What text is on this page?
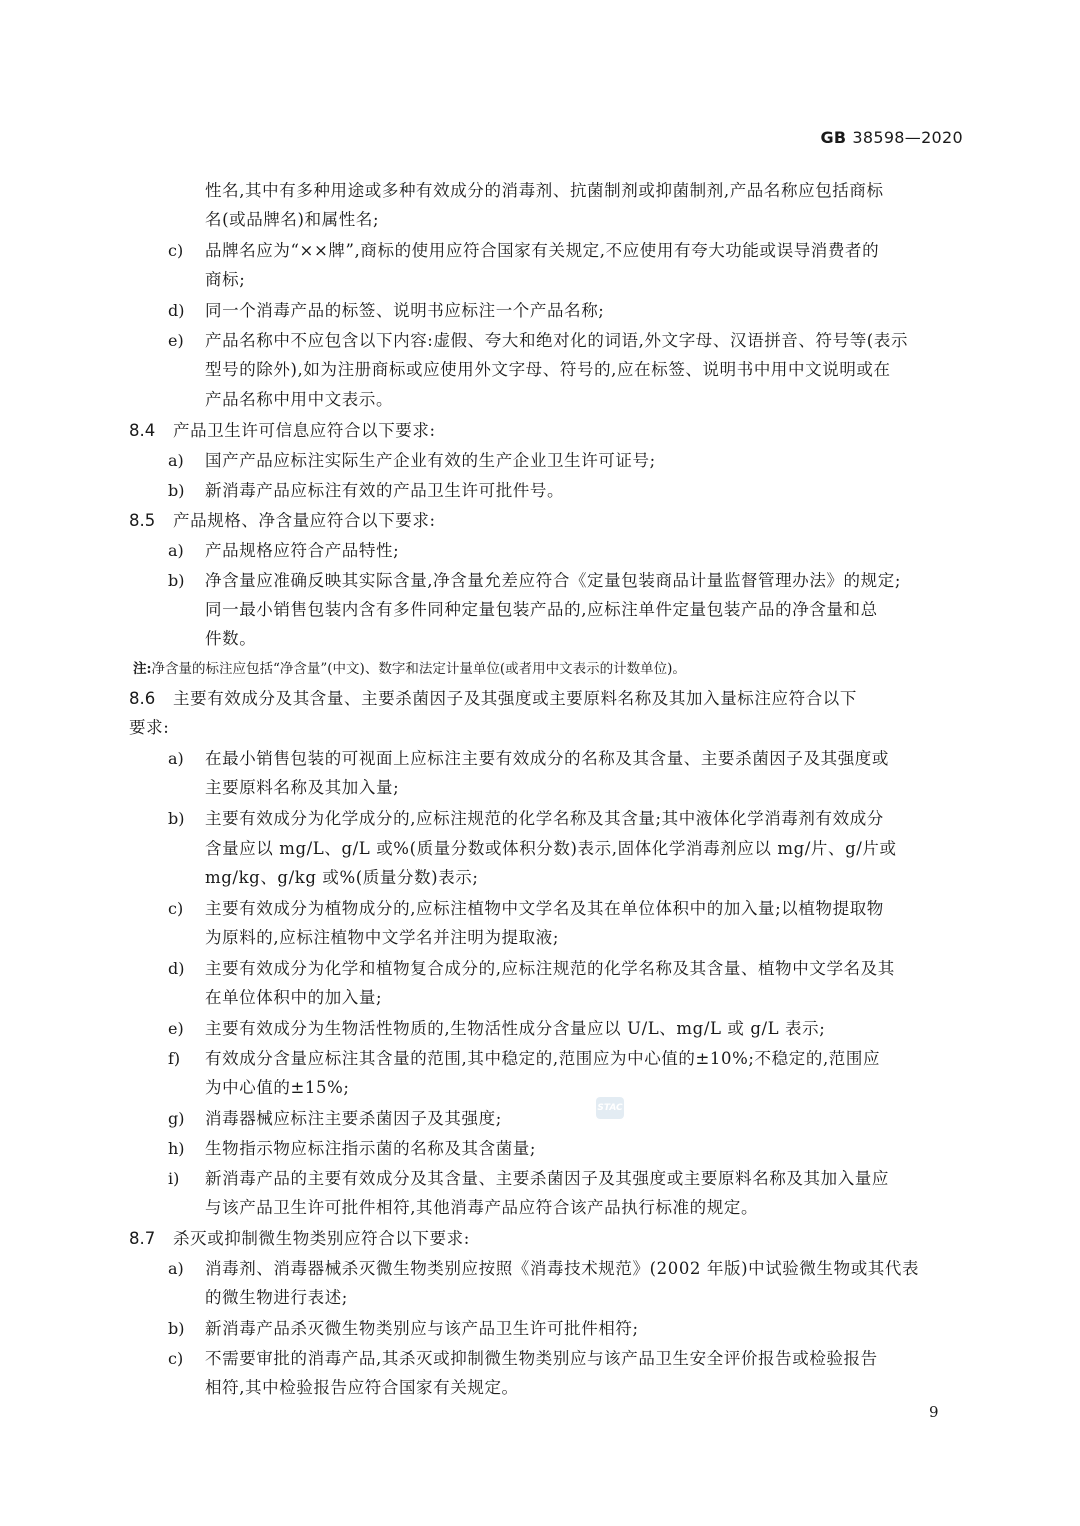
GB 38598—2020
性名,其中有多种用途或多种有效成分的消毒剂、抗菌制剂或抑菌制剂,产品名称应包括商标
名(或品牌名)和属性名;
c) 品牌名应为“××牌”,商标的使用应符合国家有关规定,不应使用有夸大功能或误导消费者的
商标;
d) 同一个消毒产品的标签、说明书应标注一个产品名称;
e) 产品名称中不应包含以下内容:虚假、夸大和绝对化的词语,外文字母、汉语拼音、符号等(表示
型号的除外),如为注册商标或应使用外文字母、符号的,应在标签、说明书中用中文说明或在
产品名称中用中文表示。
8.4 产品卫生许可信息应符合以下要求:
a) 国产产品应标注实际生产企业有效的生产企业卫生许可证号;
b) 新消毒产品应标注有效的产品卫生许可批件号。
8.5 产品规格、净含量应符合以下要求:
a) 产品规格应符合产品特性;
b) 净含量应准确反映其实际含量,净含量允差应符合《定量包装商品计量监督管理办法》的规定;
同一最小销售包装内含有多件同种定量包装产品的,应标注单件定量包装产品的净含量和总
件数。
注:净含量的标注应包括“净含量”(中文)、数字和法定计量单位(或者用中文表示的计数单位)。
8.6 主要有效成分及其含量、主要杀菌因子及其强度或主要原料名称及其加入量标注应符合以下
要求:
a) 在最小销售包装的可视面上应标注主要有效成分的名称及其含量、主要杀菌因子及其强度或
主要原料名称及其加入量;
b) 主要有效成分为化学成分的,应标注规范的化学名称及其含量;其中液体化学消毒剂有效成分
含量应以 mg/L、g/L 或%(质量分数或体积分数)表示,固体化学消毒剂应以 mg/片、g/片或
mg/kg、g/kg 或%(质量分数)表示;
c) 主要有效成分为植物成分的,应标注植物中文学名及其在单位体积中的加入量;以植物提取物
为原料的,应标注植物中文学名并注明为提取液;
d) 主要有效成分为化学和植物复合成分的,应标注规范的化学名称及其含量、植物中文学名及其
在单位体积中的加入量;
e) 主要有效成分为生物活性物质的,生物活性成分含量应以 U/L、mg/L 或 g/L 表示;
f) 有效成分含量应标注其含量的范围,其中稳定的,范围应为中心值的±10%;不稳定的,范围应
为中心值的±15%;
g) 消毒器械应标注主要杀菌因子及其强度;
h) 生物指示物应标注指示菌的名称及其含菌量;
i) 新消毒产品的主要有效成分及其含量、主要杀菌因子及其强度或主要原料名称及其加入量应
与该产品卫生许可批件相符,其他消毒产品应符合该产品执行标准的规定。
8.7 杀灭或抑制微生物类别应符合以下要求:
a) 消毒剂、消毒器械杀灭微生物类别应按照《消毒技术规范》(2002 年版)中试验微生物或其代表
的微生物进行表述;
b) 新消毒产品杀灭微生物类别应与该产品卫生许可批件相符;
c) 不需要审批的消毒产品,其杀灭或抑制微生物类别应与该产品卫生安全评价报告或检验报告
相符,其中检验报告应符合国家有关规定。
STAC
9
